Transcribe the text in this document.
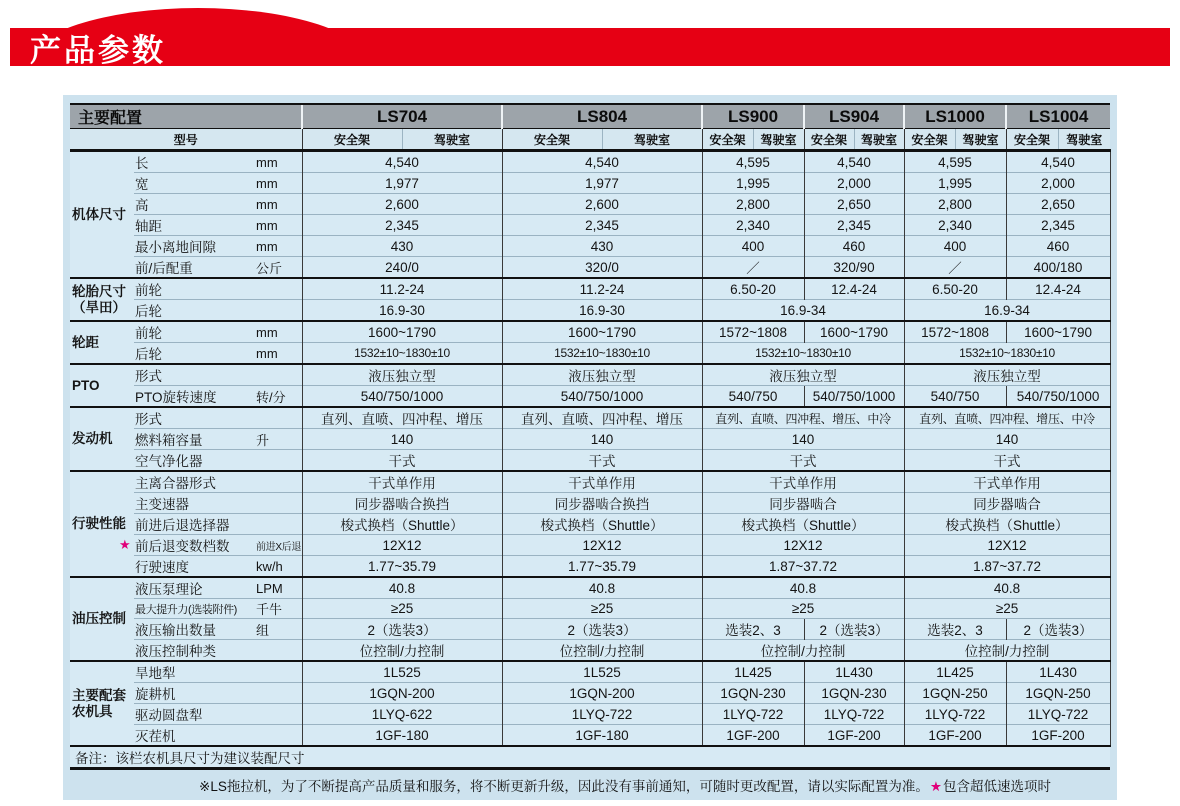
产品参数
主要配置			LS704		LS804		LS900		LS904		LS1000		LS1004	
型号			安全架	驾驶室	安全架	驾驶室	安全架	驾驶室	安全架	驾驶室	安全架	驾驶室	安全架	驾驶室
机体尺寸	长	mm	4,540		4,540		4,595		4,540		4,595		4,540	
	宽	mm	1,977		1,977		1,995		2,000		1,995		2,000	
	高	mm	2,600		2,600		2,800		2,650		2,800		2,650	
	轴距	mm	2,345		2,345		2,340		2,345		2,340		2,345	
	最小离地间隙	mm	430		430		400		460		400		460	
	前/后配重	公斤	240/0		320/0		／		320/90		／		400/180	
轮胎尺寸
（旱田）	前轮		11.2-24		11.2-24		6.50-20		12.4-24		6.50-20		12.4-24	
	后轮		16.9-30		16.9-30		16.9-34				16.9-34			
轮距	前轮	mm	1600~1790		1600~1790		1572~1808		1600~1790		1572~1808		1600~1790	
	后轮	mm	1532±10~1830±10		1532±10~1830±10		1532±10~1830±10				1532±10~1830±10			
PTO	形式		液压独立型		液压独立型		液压独立型				液压独立型			
	PTO旋转速度	转/分	540/750/1000		540/750/1000		540/750		540/750/1000		540/750		540/750/1000	
发动机	形式		直列、直喷、四冲程、增压		直列、直喷、四冲程、增压		直列、直喷、四冲程、增压、中冷				直列、直喷、四冲程、增压、中冷			
	燃料箱容量	升	140		140		140				140			
	空气净化器		干式		干式		干式				干式			
行驶性能	主离合器形式		干式单作用		干式单作用		干式单作用				干式单作用			
	主变速器		同步器啮合换挡		同步器啮合换挡		同步器啮合				同步器啮合			
	前进后退选择器		梭式换档（Shuttle）		梭式换档（Shuttle）		梭式换档（Shuttle）				梭式换档（Shuttle）			

	★ 前后退变数档数	前进X后退	12X12		12X12		12X12				12X12			
	行驶速度	kw/h	1.77~35.79		1.77~35.79		1.87~37.72				1.87~37.72			
油压控制	液压泵理论	LPM	40.8		40.8		40.8				40.8			
	最大提升力(选装附件)	千牛	≥25		≥25		≥25				≥25			
	液压输出数量	组	2（选装3）		2（选装3）		选装2、3		2（选装3）		选装2、3		2（选装3）	
	液压控制种类		位控制/力控制		位控制/力控制		位控制/力控制				位控制/力控制			
主要配套
农机具	旱地犁		1L525		1L525		1L425		1L430		1L425		1L430	
	旋耕机		1GQN-200		1GQN-200		1GQN-230		1GQN-230		1GQN-250		1GQN-250	
	驱动圆盘犁		1LYQ-622		1LYQ-722		1LYQ-722		1LYQ-722		1LYQ-722		1LYQ-722	
	灭茬机		1GF-180		1GF-180		1GF-200		1GF-200		1GF-200		1GF-200	
备注：该栏农机具尺寸为建议装配尺寸														
※LS拖拉机，为了不断提高产品质量和服务，将不断更新升级，因此没有事前通知，可随时更改配置，请以实际配置为准。★包含超低速选项时
